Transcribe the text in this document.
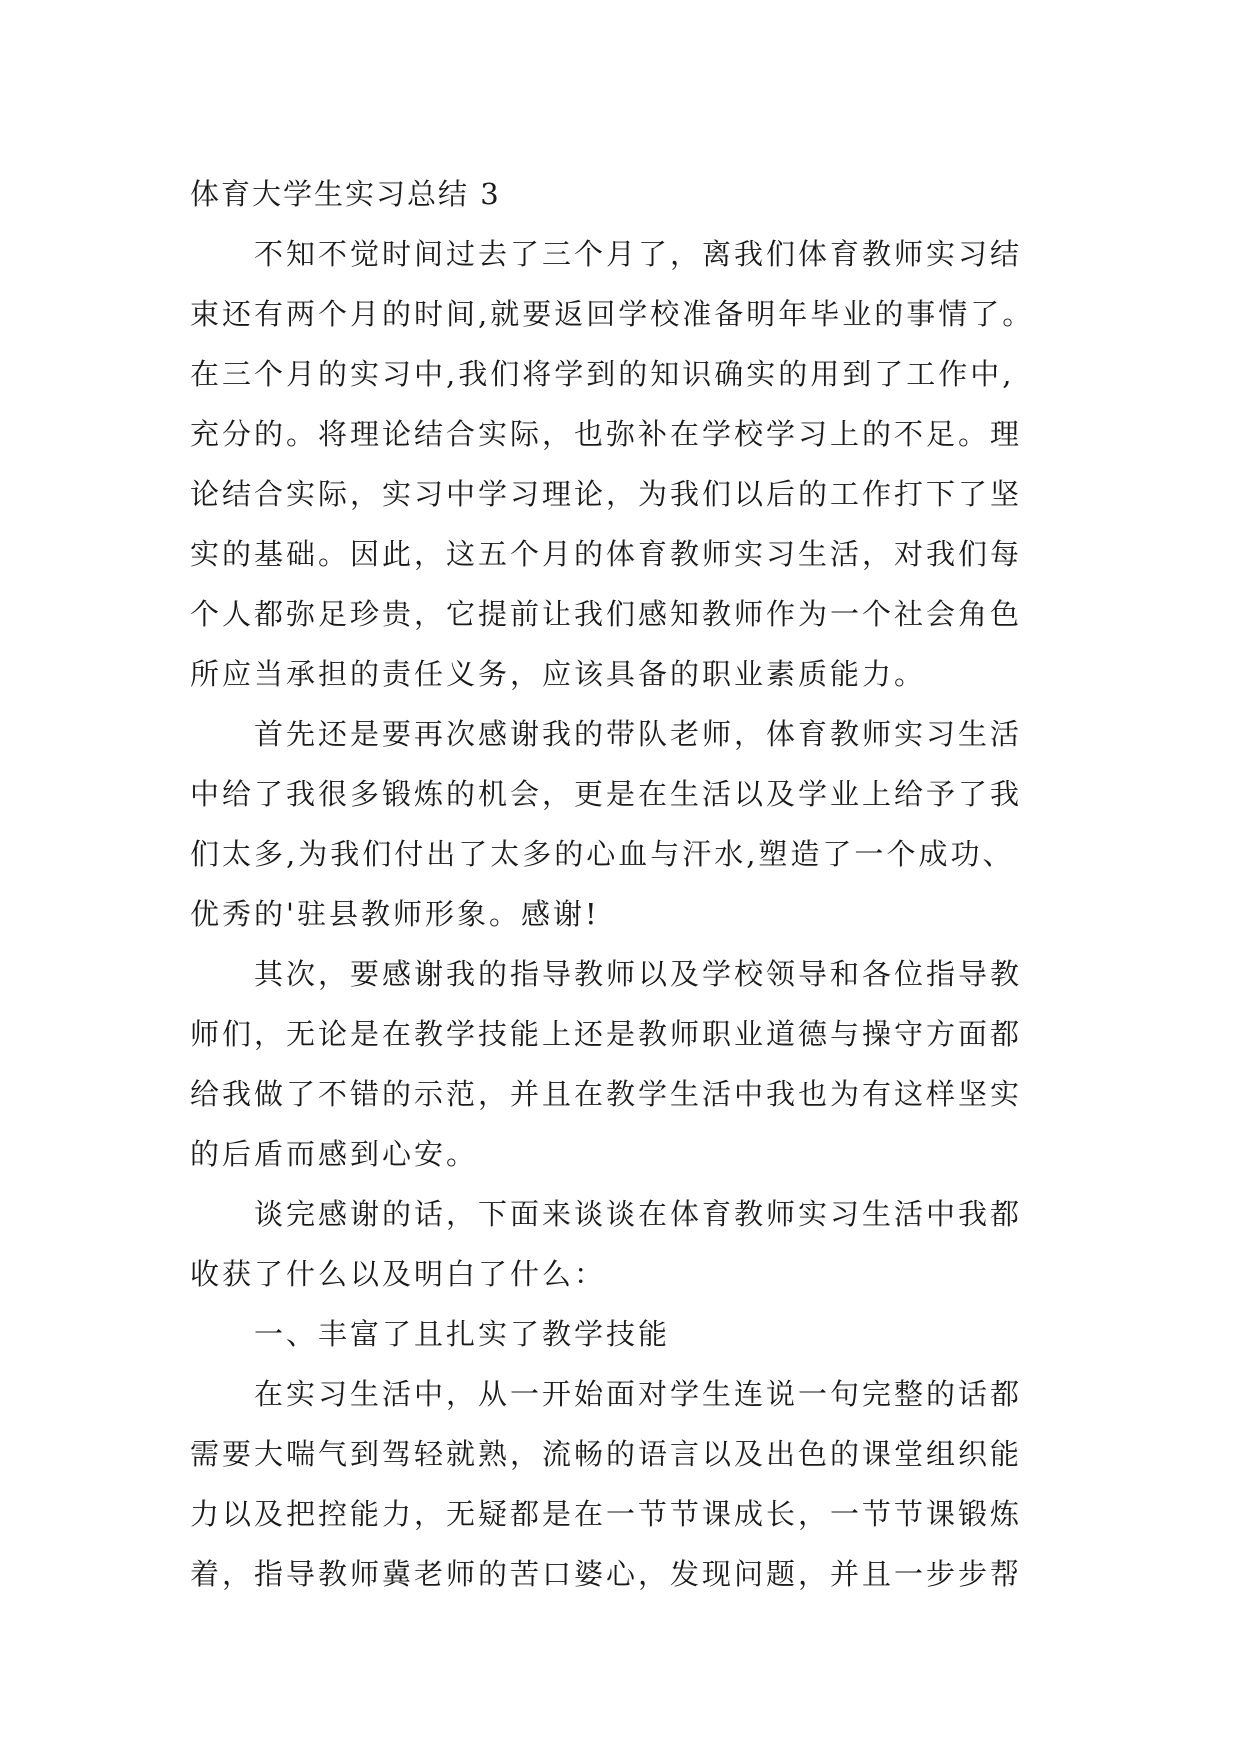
体育大学生实习总结 3
不知不觉时间过去了三个月了，离我们体育教师实习结
束还有两个月的时间,就要返回学校准备明年毕业的事情了。
在三个月的实习中,我们将学到的知识确实的用到了工作中,
充分的。将理论结合实际，也弥补在学校学习上的不足。理
论结合实际，实习中学习理论，为我们以后的工作打下了坚
实的基础。因此，这五个月的体育教师实习生活，对我们每
个人都弥足珍贵，它提前让我们感知教师作为一个社会角色
所应当承担的责任义务，应该具备的职业素质能力。
首先还是要再次感谢我的带队老师，体育教师实习生活
中给了我很多锻炼的机会，更是在生活以及学业上给予了我
们太多,为我们付出了太多的心血与汗水,塑造了一个成功、
优秀的'驻县教师形象。感谢!
其次，要感谢我的指导教师以及学校领导和各位指导教
师们，无论是在教学技能上还是教师职业道德与操守方面都
给我做了不错的示范，并且在教学生活中我也为有这样坚实
的后盾而感到心安。
谈完感谢的话，下面来谈谈在体育教师实习生活中我都
收获了什么以及明白了什么：
一、丰富了且扎实了教学技能
在实习生活中，从一开始面对学生连说一句完整的话都
需要大喘气到驾轻就熟，流畅的语言以及出色的课堂组织能
力以及把控能力，无疑都是在一节节课成长，一节节课锻炼
着，指导教师冀老师的苦口婆心，发现问题，并且一步步帮
